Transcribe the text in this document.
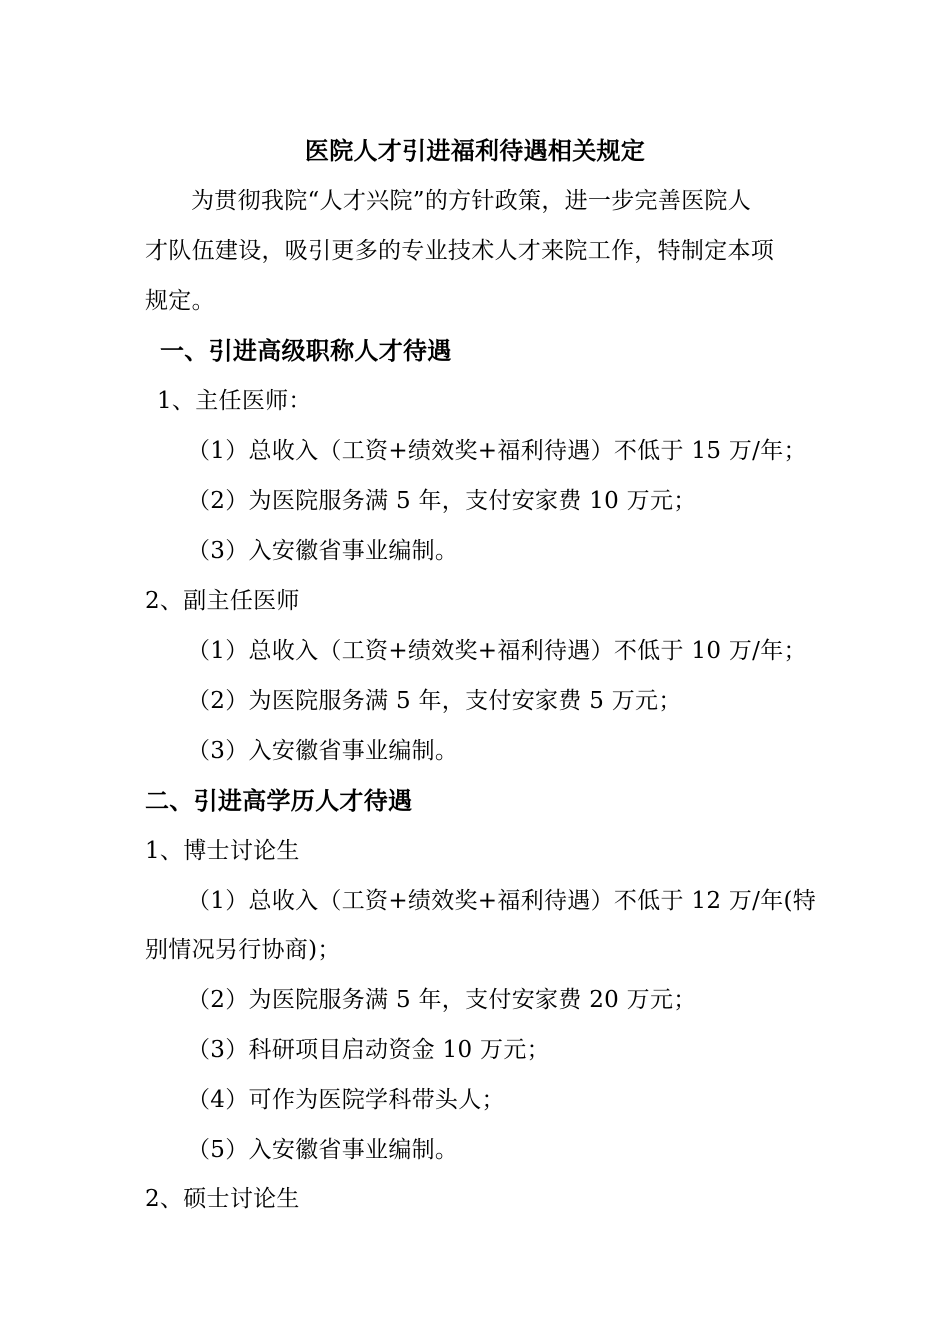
医院人才引进福利待遇相关规定
为贯彻我院“人才兴院”的方针政策，进一步完善医院人
才队伍建设，吸引更多的专业技术人才来院工作，特制定本项
规定。
一、引进高级职称人才待遇
1、主任医师：
（1）总收入（工资+绩效奖+福利待遇）不低于 15 万/年；
（2）为医院服务满 5 年，支付安家费 10 万元；
（3）入安徽省事业编制。
2、副主任医师
（1）总收入（工资+绩效奖+福利待遇）不低于 10 万/年；
（2）为医院服务满 5 年，支付安家费 5 万元；
（3）入安徽省事业编制。
二、引进高学历人才待遇
1、博士讨论生
（1）总收入（工资+绩效奖+福利待遇）不低于 12 万/年(特
别情况另行协商)；
（2）为医院服务满 5 年，支付安家费 20 万元；
（3）科研项目启动资金 10 万元；
（4）可作为医院学科带头人；
（5）入安徽省事业编制。
2、硕士讨论生
